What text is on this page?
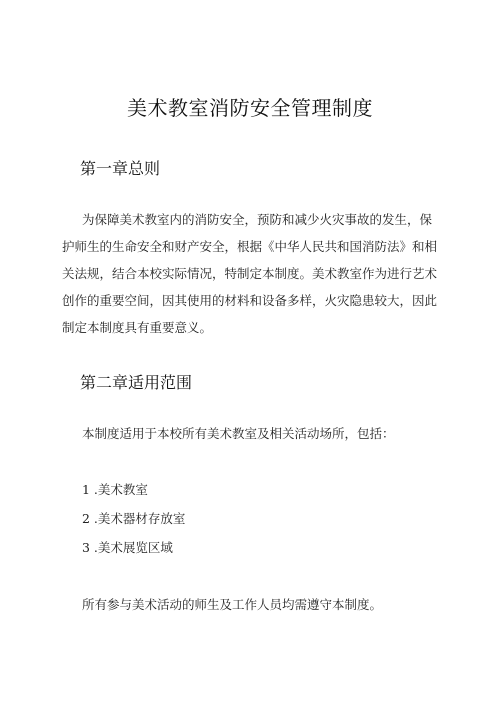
美术教室消防安全管理制度
第一章总则
为保障美术教室内的消防安全，预防和减少火灾事故的发生，保
护师生的生命安全和财产安全，根据《中华人民共和国消防法》和相
关法规，结合本校实际情况，特制定本制度。美术教室作为进行艺术
创作的重要空间，因其使用的材料和设备多样，火灾隐患较大，因此
制定本制度具有重要意义。
第二章适用范围
本制度适用于本校所有美术教室及相关活动场所，包括：
1 .美术教室
2 .美术器材存放室
3 .美术展览区域
所有参与美术活动的师生及工作人员均需遵守本制度。
